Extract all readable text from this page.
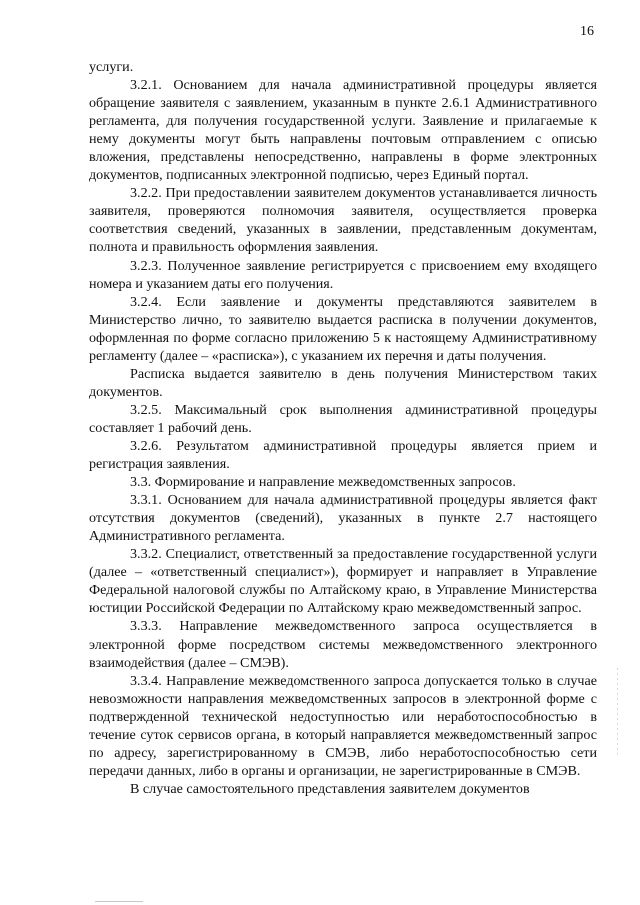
16

услуги.

3.2.1. Основанием для начала административной процедуры является обращение заявителя с заявлением, указанным в пункте 2.6.1 Административного регламента, для получения государственной услуги. Заявление и прилагаемые к нему документы могут быть направлены почтовым отправлением с описью вложения, представлены непосредственно, направлены в форме электронных документов, подписанных электронной подписью, через Единый портал.

3.2.2. При предоставлении заявителем документов устанавливается личность заявителя, проверяются полномочия заявителя, осуществляется проверка соответствия сведений, указанных в заявлении, представленным документам, полнота и правильность оформления заявления.

3.2.3. Полученное заявление регистрируется с присвоением ему входящего номера и указанием даты его получения.

3.2.4. Если заявление и документы представляются заявителем в Министерство лично, то заявителю выдается расписка в получении документов, оформленная по форме согласно приложению 5 к настоящему Административному регламенту (далее – «расписка»), с указанием их перечня и даты получения.

Расписка выдается заявителю в день получения Министерством таких документов.

3.2.5. Максимальный срок выполнения административной процедуры составляет 1 рабочий день.

3.2.6. Результатом административной процедуры является прием и регистрация заявления.

3.3. Формирование и направление межведомственных запросов.

3.3.1. Основанием для начала административной процедуры является факт отсутствия документов (сведений), указанных в пункте 2.7 настоящего Административного регламента.

3.3.2. Специалист, ответственный за предоставление государственной услуги (далее – «ответственный специалист»), формирует и направляет в Управление Федеральной налоговой службы по Алтайскому краю, в Управление Министерства юстиции Российской Федерации по Алтайскому краю межведомственный запрос.

3.3.3. Направление межведомственного запроса осуществляется в электронной форме посредством системы межведомственного электронного взаимодействия (далее – СМЭВ).

3.3.4. Направление межведомственного запроса допускается только в случае невозможности направления межведомственных запросов в электронной форме с подтвержденной технической недоступностью или неработоспособностью в течение суток сервисов органа, в который направляется межведомственный запрос по адресу, зарегистрированному в СМЭВ, либо неработоспособностью сети передачи данных, либо в органы и организации, не зарегистрированные в СМЭВ.

В случае самостоятельного представления заявителем документов
